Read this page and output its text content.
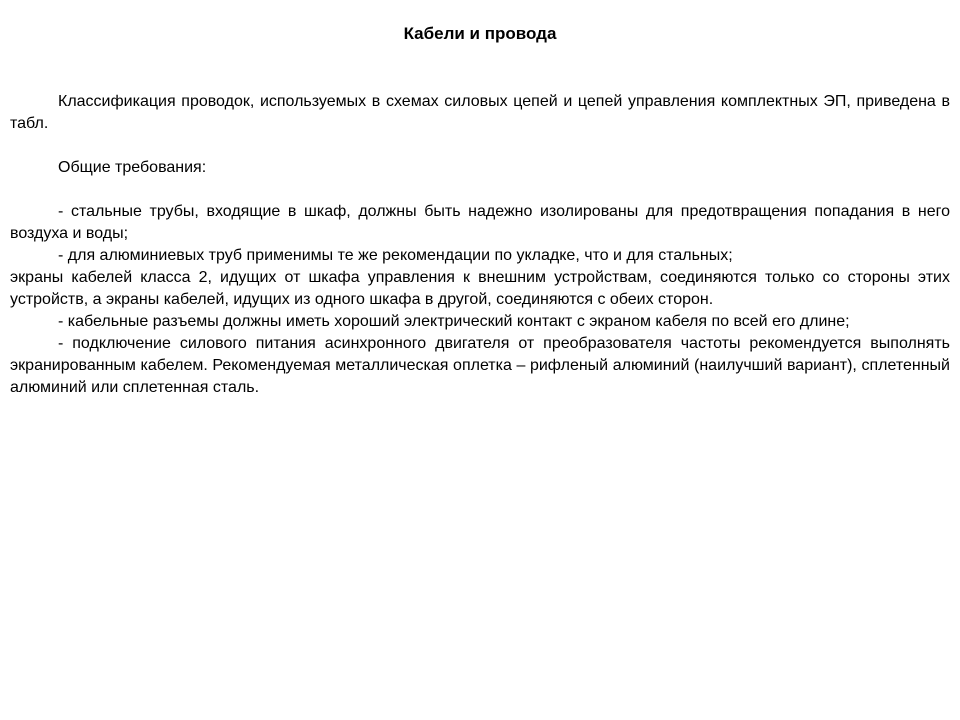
Кабели и провода

Классификация проводок, используемых в схемах силовых цепей и цепей управления комплектных ЭП, приведена в табл.

Общие требования:

- стальные трубы, входящие в шкаф, должны быть надежно изолированы для предотвращения попадания в него воздуха и воды;

- для алюминиевых труб применимы те же рекомендации по укладке, что и для стальных;

экраны кабелей класса 2, идущих от шкафа управления к внешним устройствам, соединяются только со стороны этих устройств, а экраны кабелей, идущих из одного шкафа в другой, соединяются с обеих сторон.

- кабельные разъемы должны иметь хороший электрический контакт с экраном кабеля по всей его длине;

- подключение силового питания асинхронного двигателя от преобразователя частоты рекомендуется выполнять экранированным кабелем. Рекомендуемая металлическая оплетка – рифленый алюминий (наилучший вариант), сплетенный алюминий или сплетенная сталь.
